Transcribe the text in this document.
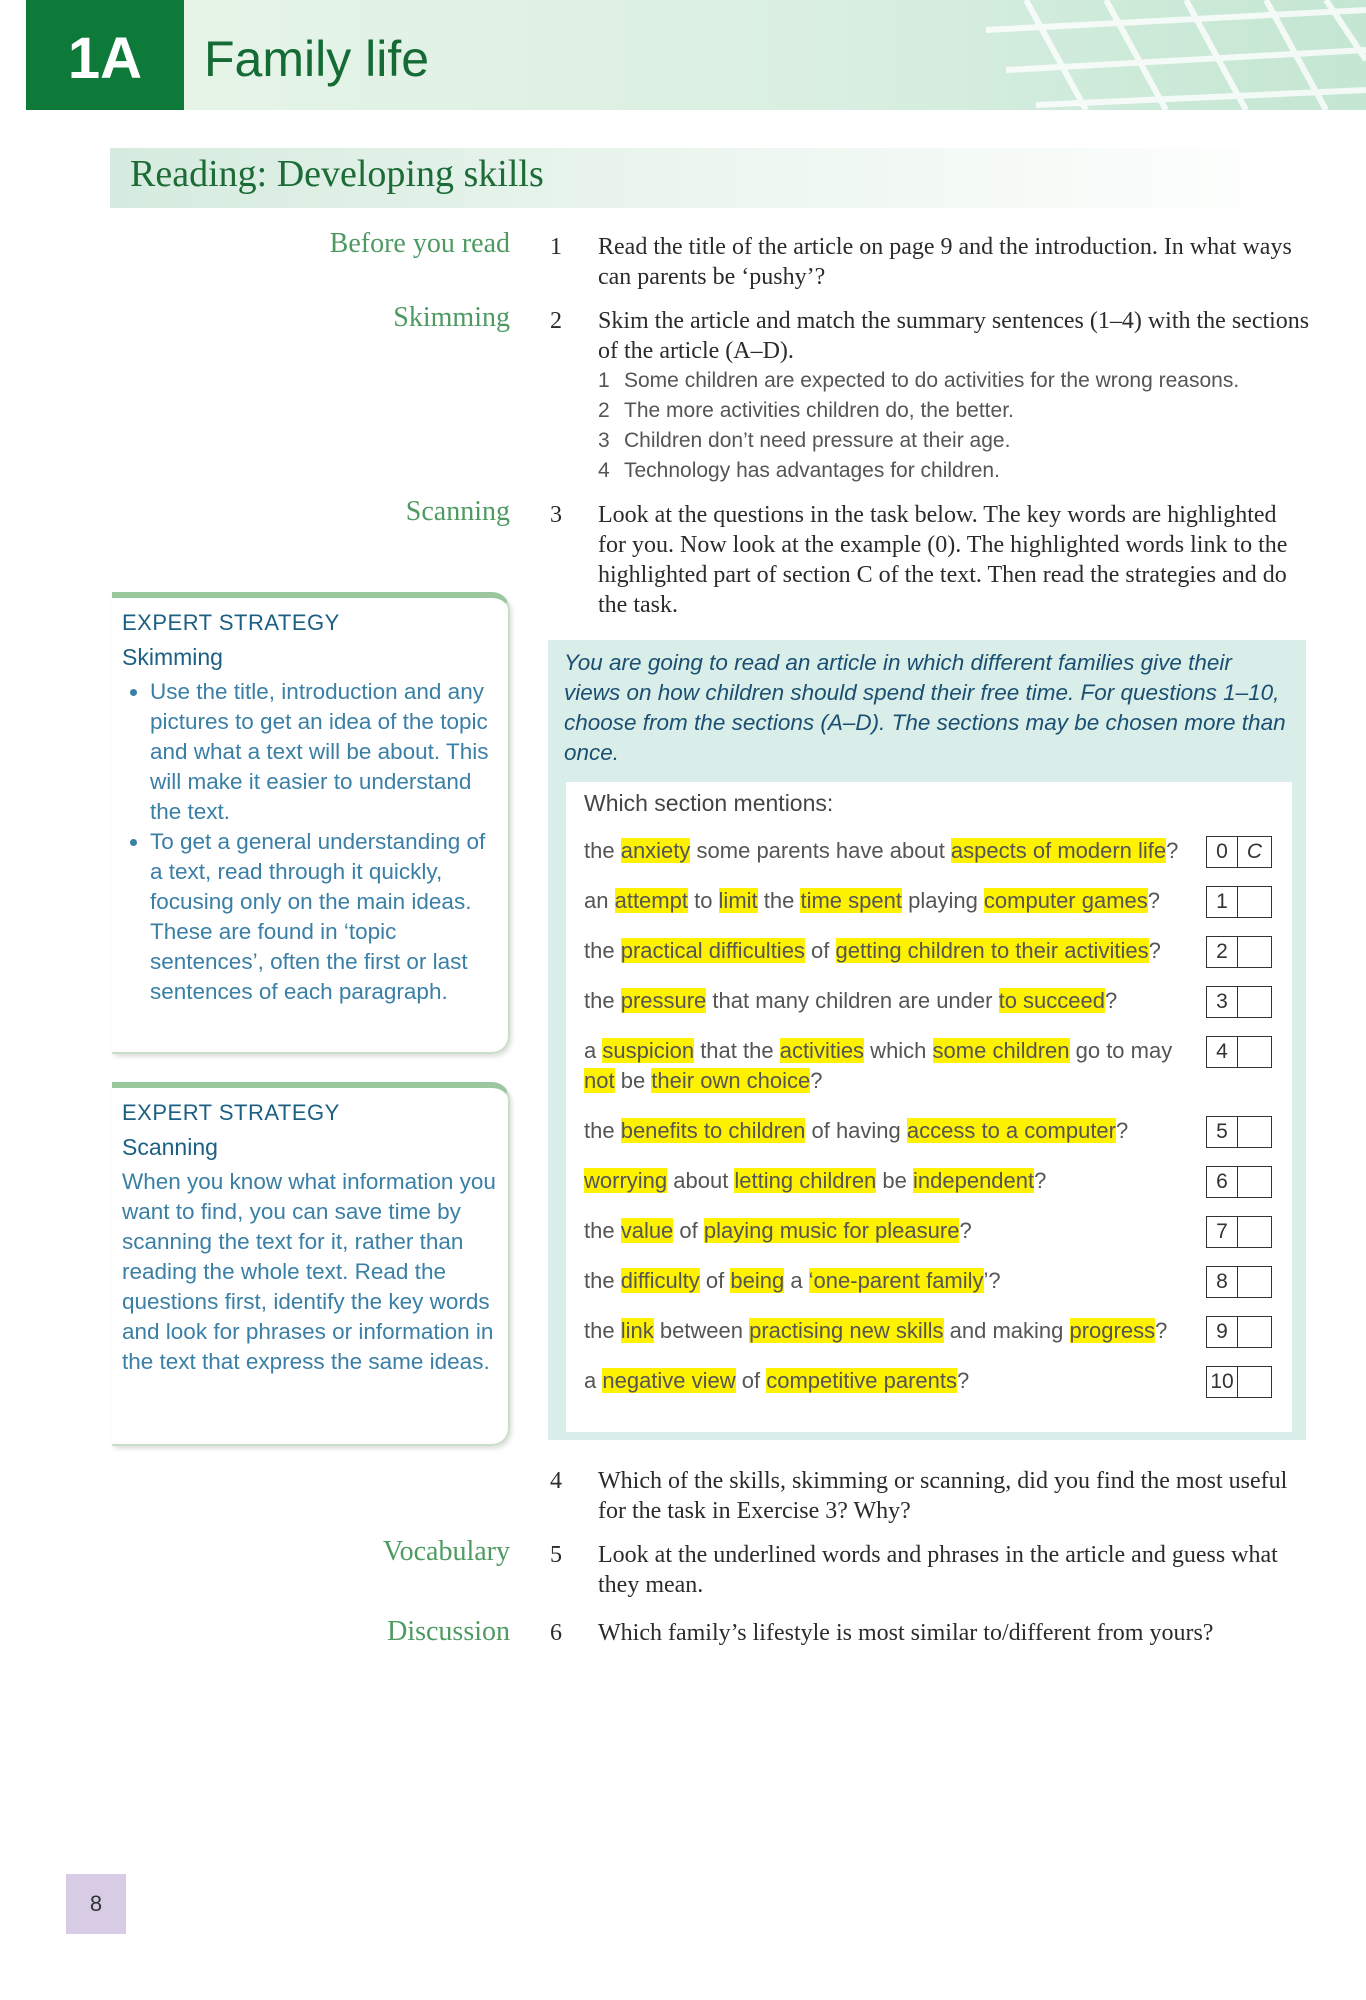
1A	Family life
Reading: Developing skills
Before you read
Skimming
Scanning
Vocabulary
Discussion
1	Read the title of the article on page 9 and the introduction. In what ways can parents be ‘pushy’?
2	Skim the article and match the summary sentences (1–4) with the sections of the article (A–D).
1 Some children are expected to do activities for the wrong reasons.
2 The more activities children do, the better.
3 Children don’t need pressure at their age.
4 Technology has advantages for children.
3	Look at the questions in the task below. The key words are highlighted for you. Now look at the example (0). The highlighted words link to the highlighted part of section C of the text. Then read the strategies and do the task.
EXPERT STRATEGY
Skimming
• Use the title, introduction and any pictures to get an idea of the topic and what a text will be about. This will make it easier to understand the text.
• To get a general understanding of a text, read through it quickly, focusing only on the main ideas. These are found in ‘topic sentences’, often the first or last sentences of each paragraph.
EXPERT STRATEGY
Scanning
When you know what information you want to find, you can save time by scanning the text for it, rather than reading the whole text. Read the questions first, identify the key words and look for phrases or information in the text that express the same ideas.
You are going to read an article in which different families give their views on how children should spend their free time. For questions 1–10, choose from the sections (A–D). The sections may be chosen more than once.
Which section mentions:
the anxiety some parents have about aspects of modern life?	0 C
an attempt to limit the time spent playing computer games?	1
the practical difficulties of getting children to their activities?	2
the pressure that many children are under to succeed?	3
a suspicion that the activities which some children go to may not be their own choice?
4
the benefits to children of having access to a computer?	5
worrying about letting children be independent?	6
the value of playing music for pleasure?	7
the difficulty of being a ‘one-parent family’?	8
the link between practising new skills and making progress?	9
a negative view of competitive parents?	10
4	Which of the skills, skimming or scanning, did you find the most useful for the task in Exercise 3? Why?
5	Look at the underlined words and phrases in the article and guess what they mean.
6	Which family’s lifestyle is most similar to/different from yours?
8
